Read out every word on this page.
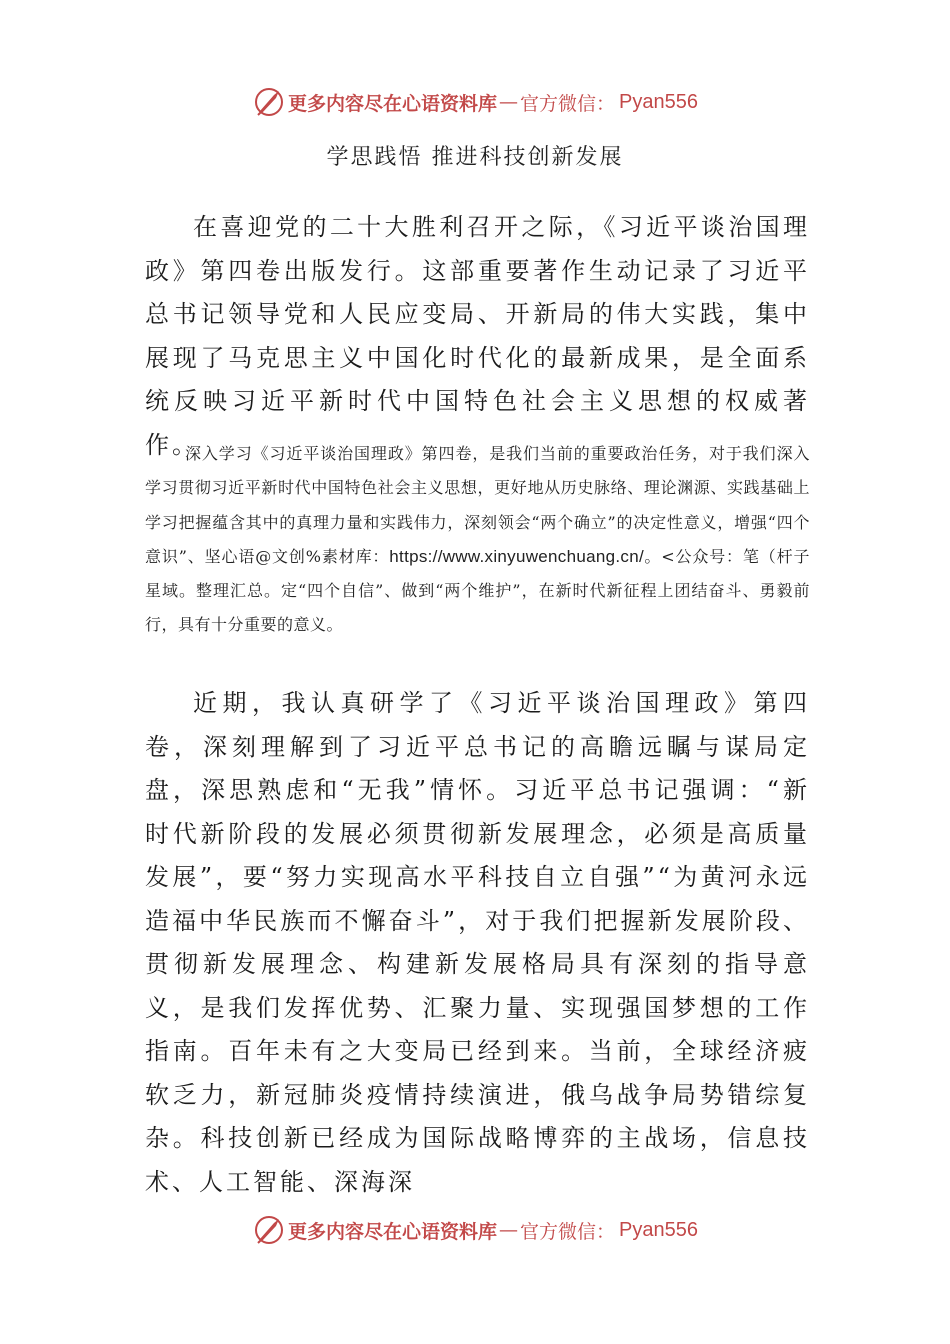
更多内容尽在心语资料库 — 官方微信： Pyan556
学思践悟 推进科技创新发展

在喜迎党的二十大胜利召开之际，《习近平谈治国理政》第四卷出版发行。这部重要著作生动记录了习近平总书记领导党和人民应变局、开新局的伟大实践，集中展现了马克思主义中国化时代化的最新成果，是全面系统反映习近平新时代中国特色社会主义思想的权威著作。

深入学习《习近平谈治国理政》第四卷，是我们当前的重要政治任务，对于我们深入学习贯彻习近平新时代中国特色社会主义思想，更好地从历史脉络、理论渊源、实践基础上学习把握蕴含其中的真理力量和实践伟力，深刻领会“两个确立”的决定性意义，增强“四个意识”、坚心语@文创%素材库：https://www.xinyuwenchuang.cn/。<公众号：笔（杆子星域。整理汇总。定“四个自信”、做到“两个维护”，在新时代新征程上团结奋斗、勇毅前行，具有十分重要的意义。

近期，我认真研学了《习近平谈治国理政》第四卷，深刻理解到了习近平总书记的高瞻远瞩与谋局定盘，深思熟虑和“无我”情怀。习近平总书记强调：“新时代新阶段的发展必须贯彻新发展理念，必须是高质量发展”，要“努力实现高水平科技自立自强”“为黄河永远造福中华民族而不懈奋斗”，对于我们把握新发展阶段、贯彻新发展理念、构建新发展格局具有深刻的指导意义，是我们发挥优势、汇聚力量、实现强国梦想的工作指南。百年未有之大变局已经到来。当前，全球经济疲软乏力，新冠肺炎疫情持续演进，俄乌战争局势错综复杂。科技创新已经成为国际战略博弈的主战场，信息技术、人工智能、深海深

更多内容尽在心语资料库 — 官方微信： Pyan556
